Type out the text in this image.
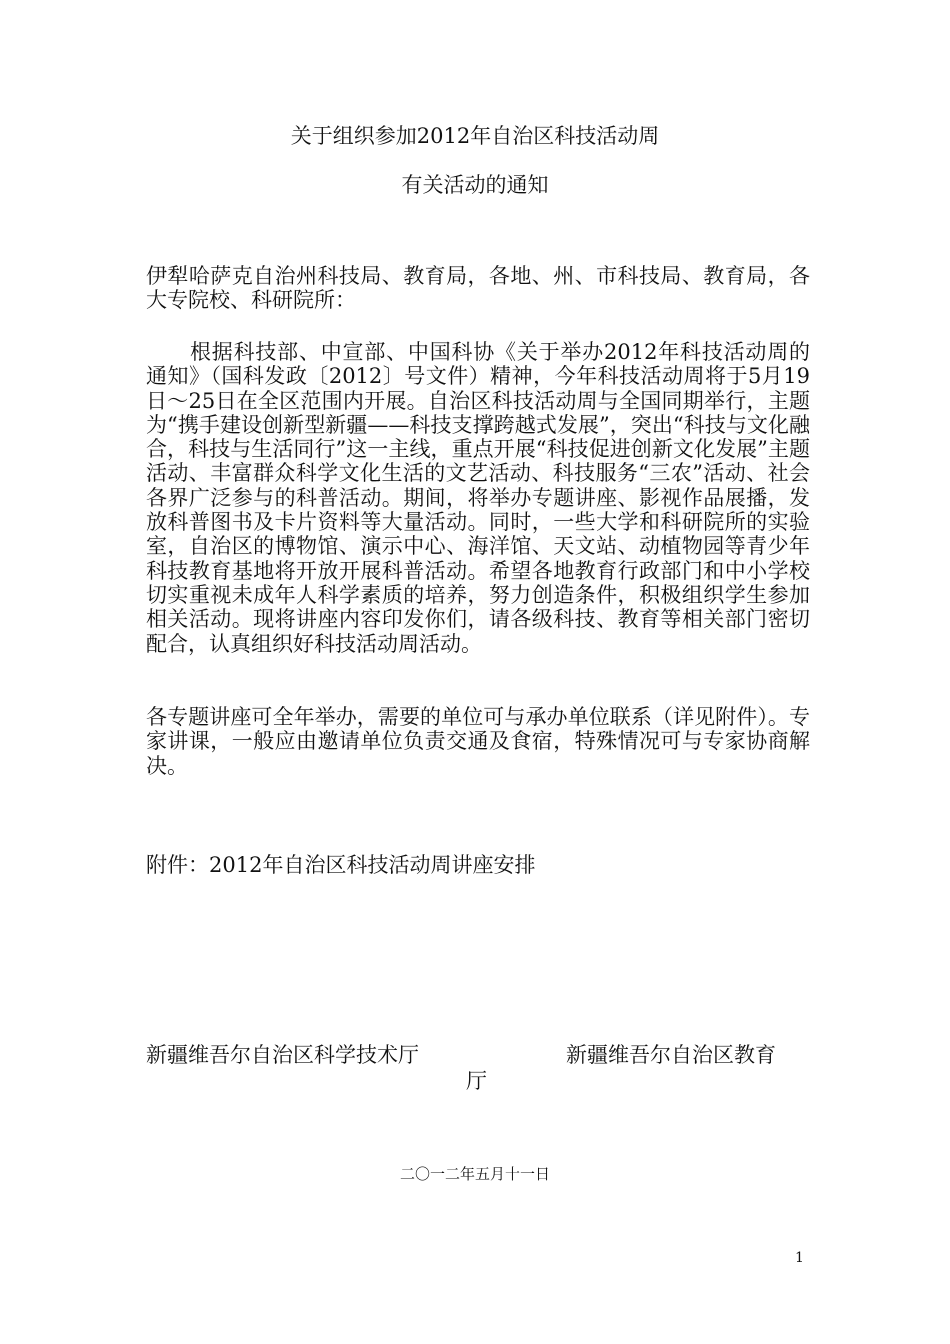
关于组织参加2012年自治区科技活动周
有关活动的通知
伊犁哈萨克自治州科技局、教育局，各地、州、市科技局、教育局，各大专院校、科研院所：
根据科技部、中宣部、中国科协《关于举办2012年科技活动周的通知》（国科发政〔2012〕号文件）精神，今年科技活动周将于5月19日～25日在全区范围内开展。自治区科技活动周与全国同期举行，主题为“携手建设创新型新疆——科技支撑跨越式发展”，突出“科技与文化融合，科技与生活同行”这一主线，重点开展“科技促进创新文化发展”主题活动、丰富群众科学文化生活的文艺活动、科技服务“三农”活动、社会各界广泛参与的科普活动。期间，将举办专题讲座、影视作品展播，发放科普图书及卡片资料等大量活动。同时，一些大学和科研院所的实验室，自治区的博物馆、演示中心、海洋馆、天文站、动植物园等青少年科技教育基地将开放开展科普活动。希望各地教育行政部门和中小学校切实重视未成年人科学素质的培养，努力创造条件，积极组织学生参加相关活动。现将讲座内容印发你们，请各级科技、教育等相关部门密切配合，认真组织好科技活动周活动。
各专题讲座可全年举办，需要的单位可与承办单位联系（详见附件）。专家讲课，一般应由邀请单位负责交通及食宿，特殊情况可与专家协商解决。
附件：2012年自治区科技活动周讲座安排
新疆维吾尔自治区科学技术厅	新疆维吾尔自治区教育
厅
二〇一二年五月十一日
1
